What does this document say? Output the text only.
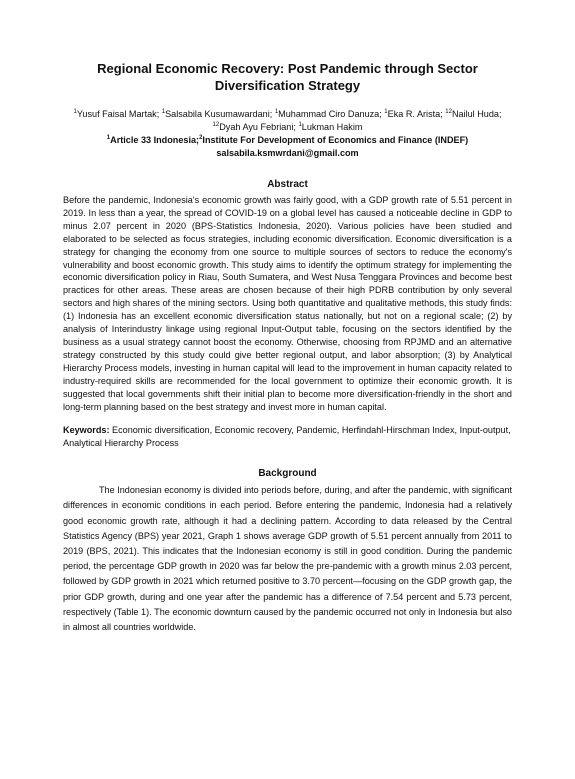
Regional Economic Recovery: Post Pandemic through Sector Diversification Strategy
$^1$Yusuf Faisal Martak; $^1$Salsabila Kusumawardani; $^1$Muhammad Ciro Danuza; $^1$Eka R. Arista; $^{12}$Nailul Huda; $^{12}$Dyah Ayu Febriani; $^1$Lukman Hakim
$^1$Article 33 Indonesia;$^2$Institute For Development of Economics and Finance (INDEF)
salsabila.ksmwrdani@gmail.com
Abstract

Before the pandemic, Indonesia's economic growth was fairly good, with a GDP growth rate of 5.51 percent in 2019. In less than a year, the spread of COVID-19 on a global level has caused a noticeable decline in GDP to minus 2.07 percent in 2020 (BPS-Statistics Indonesia, 2020). Various policies have been studied and elaborated to be selected as focus strategies, including economic diversification. Economic diversification is a strategy for changing the economy from one source to multiple sources of sectors to reduce the economy's vulnerability and boost economic growth. This study aims to identify the optimum strategy for implementing the economic diversification policy in Riau, South Sumatera, and West Nusa Tenggara Provinces and become best practices for other areas. These areas are chosen because of their high PDRB contribution by only several sectors and high shares of the mining sectors. Using both quantitative and qualitative methods, this study finds: (1) Indonesia has an excellent economic diversification status nationally, but not on a regional scale; (2) by analysis of Interindustry linkage using regional Input-Output table, focusing on the sectors identified by the business as a usual strategy cannot boost the economy. Otherwise, choosing from RPJMD and an alternative strategy constructed by this study could give better regional output, and labor absorption; (3) by Analytical Hierarchy Process models, investing in human capital will lead to the improvement in human capacity related to industry-required skills are recommended for the local government to optimize their economic growth. It is suggested that local governments shift their initial plan to become more diversification-friendly in the short and long-term planning based on the best strategy and invest more in human capital.

Keywords: Economic diversification, Economic recovery, Pandemic, Herfindahl-Hirschman Index, Input-output, Analytical Hierarchy Process
Background

The Indonesian economy is divided into periods before, during, and after the pandemic, with significant differences in economic conditions in each period. Before entering the pandemic, Indonesia had a relatively good economic growth rate, although it had a declining pattern. According to data released by the Central Statistics Agency (BPS) year 2021, Graph 1 shows average GDP growth of 5.51 percent annually from 2011 to 2019 (BPS, 2021). This indicates that the Indonesian economy is still in good condition. During the pandemic period, the percentage GDP growth in 2020 was far below the pre-pandemic with a growth minus 2.03 percent, followed by GDP growth in 2021 which returned positive to 3.70 percent—focusing on the GDP growth gap, the prior GDP growth, during and one year after the pandemic has a difference of 7.54 percent and 5.73 percent, respectively (Table 1). The economic downturn caused by the pandemic occurred not only in Indonesia but also in almost all countries worldwide.
